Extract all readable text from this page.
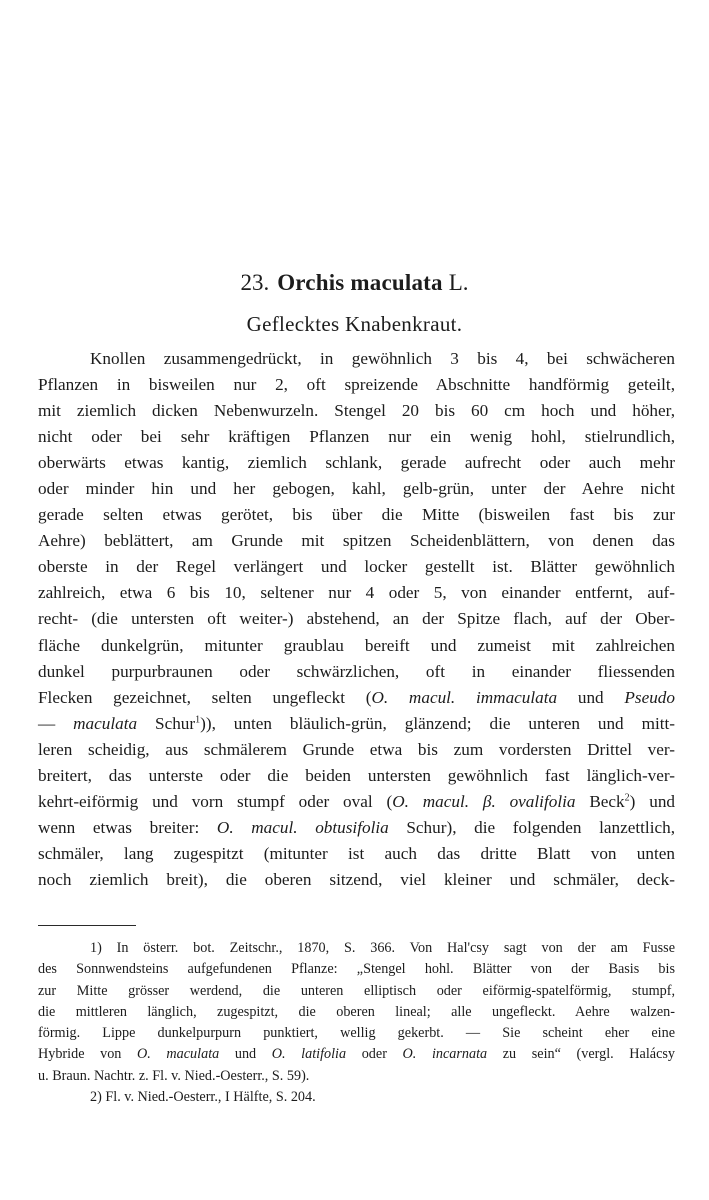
23. Orchis maculata L.
Geflecktes Knabenkraut.
Knollen zusammengedrückt, in gewöhnlich 3 bis 4, bei schwächeren
Pflanzen in bisweilen nur 2, oft spreizende Abschnitte handförmig geteilt,
mit ziemlich dicken Nebenwurzeln. Stengel 20 bis 60 cm hoch und höher,
nicht oder bei sehr kräftigen Pflanzen nur ein wenig hohl, stielrundlich,
oberwärts etwas kantig, ziemlich schlank, gerade aufrecht oder auch mehr
oder minder hin und her gebogen, kahl, gelb-grün, unter der Aehre nicht
gerade selten etwas gerötet, bis über die Mitte (bisweilen fast bis zur
Aehre) beblättert, am Grunde mit spitzen Scheidenblättern, von denen das
oberste in der Regel verlängert und locker gestellt ist. Blätter gewöhnlich
zahlreich, etwa 6 bis 10, seltener nur 4 oder 5, von einander entfernt, auf-
recht- (die untersten oft weiter-) abstehend, an der Spitze flach, auf der Ober-
fläche dunkelgrün, mitunter graublau bereift und zumeist mit zahlreichen
dunkel purpurbraunen oder schwärzlichen, oft in einander fliessenden
Flecken gezeichnet, selten ungefleckt (O. macul. immaculata und Pseudo
— maculata Schur$^1$)), unten bläulich-grün, glänzend; die unteren und mitt-
leren scheidig, aus schmälerem Grunde etwa bis zum vordersten Drittel ver-
breitert, das unterste oder die beiden untersten gewöhnlich fast länglich-ver-
kehrt-eiförmig und vorn stumpf oder oval (O. macul. β. ovalifolia Beck$^2$) und
wenn etwas breiter: O. macul. obtusifolia Schur), die folgenden lanzettlich,
schmäler, lang zugespitzt (mitunter ist auch das dritte Blatt von unten
noch ziemlich breit), die oberen sitzend, viel kleiner und schmäler, deck-
1) In österr. bot. Zeitschr., 1870, S. 366. Von Hal'csy sagt von der am Fusse
des Sonnwendsteins aufgefundenen Pflanze: „Stengel hohl. Blätter von der Basis bis
zur Mitte grösser werdend, die unteren elliptisch oder eiförmig-spatelförmig, stumpf,
die mittleren länglich, zugespitzt, die oberen lineal; alle ungefleckt. Aehre walzen-
förmig. Lippe dunkelpurpurn punktiert, wellig gekerbt. — Sie scheint eher eine
Hybride von O. maculata und O. latifolia oder O. incarnata zu sein“ (vergl. Halácsy
u. Braun. Nachtr. z. Fl. v. Nied.-Oesterr., S. 59).
2) Fl. v. Nied.-Oesterr., I Hälfte, S. 204.
